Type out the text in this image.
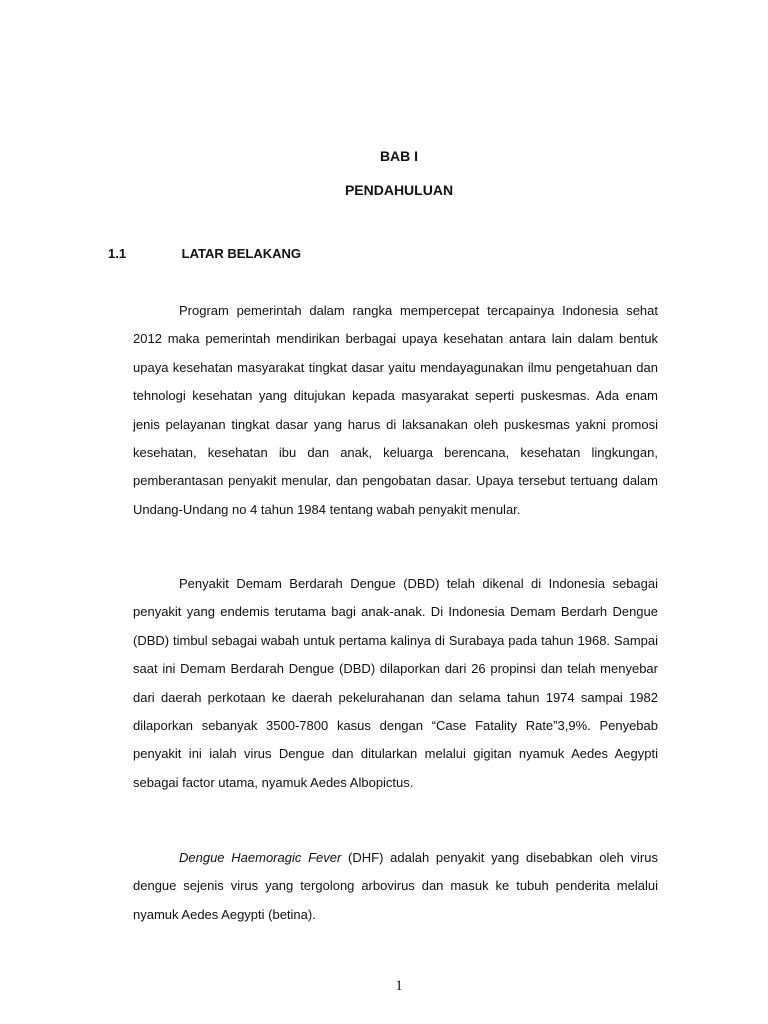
BAB I
PENDAHULUAN
1.1	LATAR BELAKANG

Program pemerintah dalam rangka mempercepat tercapainya Indonesia sehat 2012 maka pemerintah mendirikan berbagai upaya kesehatan antara lain dalam bentuk upaya kesehatan masyarakat tingkat dasar yaitu mendayagunakan ilmu pengetahuan dan tehnologi kesehatan yang ditujukan kepada masyarakat seperti puskesmas. Ada enam jenis pelayanan tingkat dasar yang harus di laksanakan oleh puskesmas yakni promosi kesehatan, kesehatan ibu dan anak, keluarga berencana, kesehatan lingkungan, pemberantasan penyakit menular, dan pengobatan dasar. Upaya tersebut tertuang dalam Undang-Undang no 4 tahun 1984 tentang wabah penyakit menular.

Penyakit Demam Berdarah Dengue (DBD) telah dikenal di Indonesia sebagai penyakit yang endemis terutama bagi anak-anak. Di Indonesia Demam Berdarh Dengue (DBD) timbul sebagai wabah untuk pertama kalinya di Surabaya pada tahun 1968. Sampai saat ini Demam Berdarah Dengue (DBD) dilaporkan dari 26 propinsi dan telah menyebar dari daerah perkotaan ke daerah pekelurahanan dan selama tahun 1974 sampai 1982 dilaporkan sebanyak 3500-7800 kasus dengan “Case Fatality Rate”3,9%. Penyebab penyakit ini ialah virus Dengue dan ditularkan melalui gigitan nyamuk Aedes Aegypti sebagai factor utama, nyamuk Aedes Albopictus.

Dengue Haemoragic Fever (DHF) adalah penyakit yang disebabkan oleh virus dengue sejenis virus yang tergolong arbovirus dan masuk ke tubuh penderita melalui nyamuk Aedes Aegypti (betina).

1
